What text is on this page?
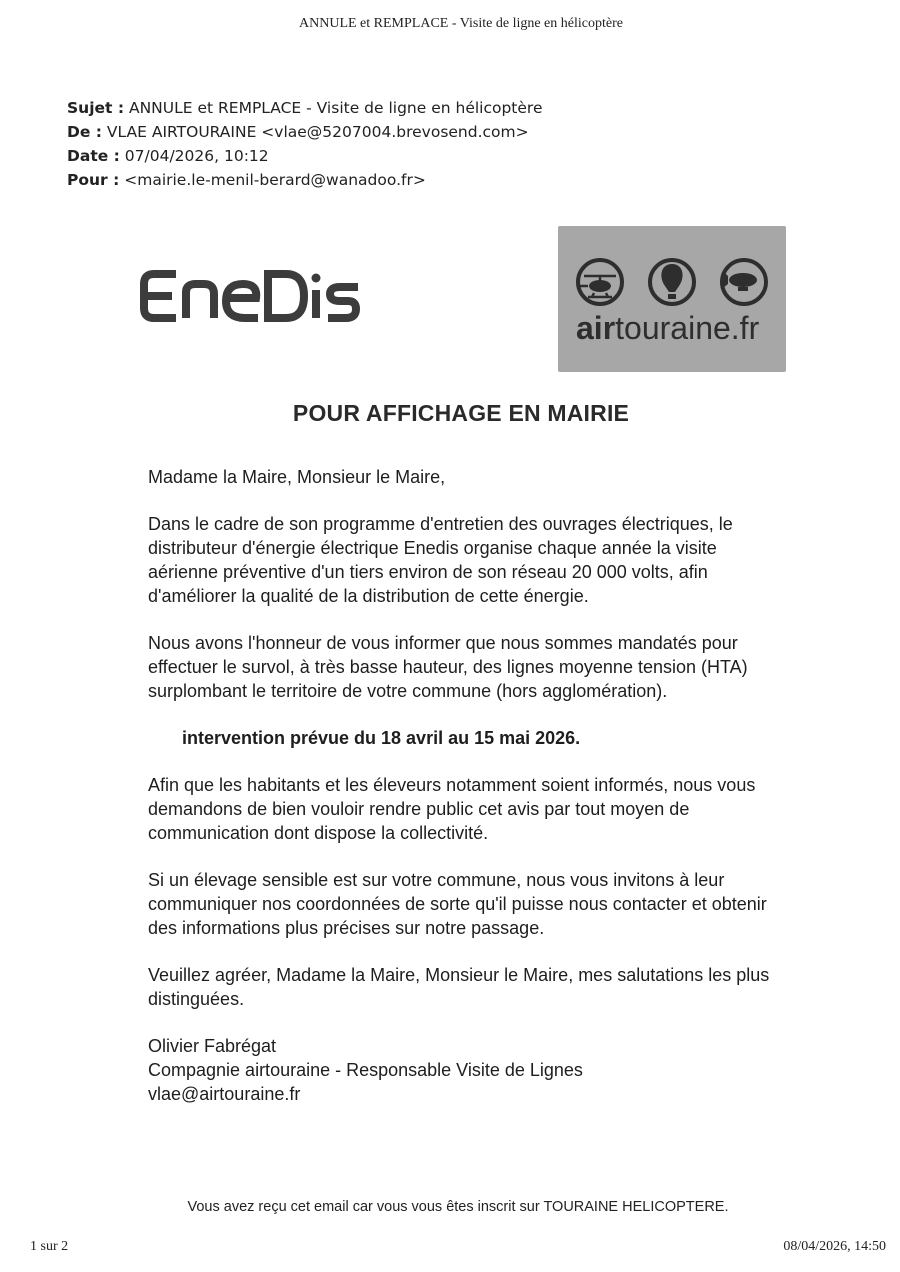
ANNULE et REMPLACE - Visite de ligne en hélicoptère
Sujet : ANNULE et REMPLACE - Visite de ligne en hélicoptère
De : VLAE AIRTOURAINE <vlae@5207004.brevosend.com>
Date : 07/04/2026, 10:12
Pour : <mairie.le-menil-berard@wanadoo.fr>
airtouraine.fr
POUR AFFICHAGE EN MAIRIE

Madame la Maire, Monsieur le Maire,

Dans le cadre de son programme d'entretien des ouvrages électriques, le distributeur d'énergie électrique Enedis organise chaque année la visite aérienne préventive d'un tiers environ de son réseau 20 000 volts, afin d'améliorer la qualité de la distribution de cette énergie.

Nous avons l'honneur de vous informer que nous sommes mandatés pour effectuer le survol, à très basse hauteur, des lignes moyenne tension (HTA) surplombant le territoire de votre commune (hors agglomération).

intervention prévue du 18 avril au 15 mai 2026.

Afin que les habitants et les éleveurs notamment soient informés, nous vous demandons de bien vouloir rendre public cet avis par tout moyen de communication dont dispose la collectivité.

Si un élevage sensible est sur votre commune, nous vous invitons à leur communiquer nos coordonnées de sorte qu'il puisse nous contacter et obtenir des informations plus précises sur notre passage.

Veuillez agréer, Madame la Maire, Monsieur le Maire, mes salutations les plus distinguées.

Olivier Fabrégat
Compagnie airtouraine - Responsable Visite de Lignes
vlae@airtouraine.fr
Vous avez reçu cet email car vous vous êtes inscrit sur TOURAINE HELICOPTERE.
1 sur 2	08/04/2026, 14:50
